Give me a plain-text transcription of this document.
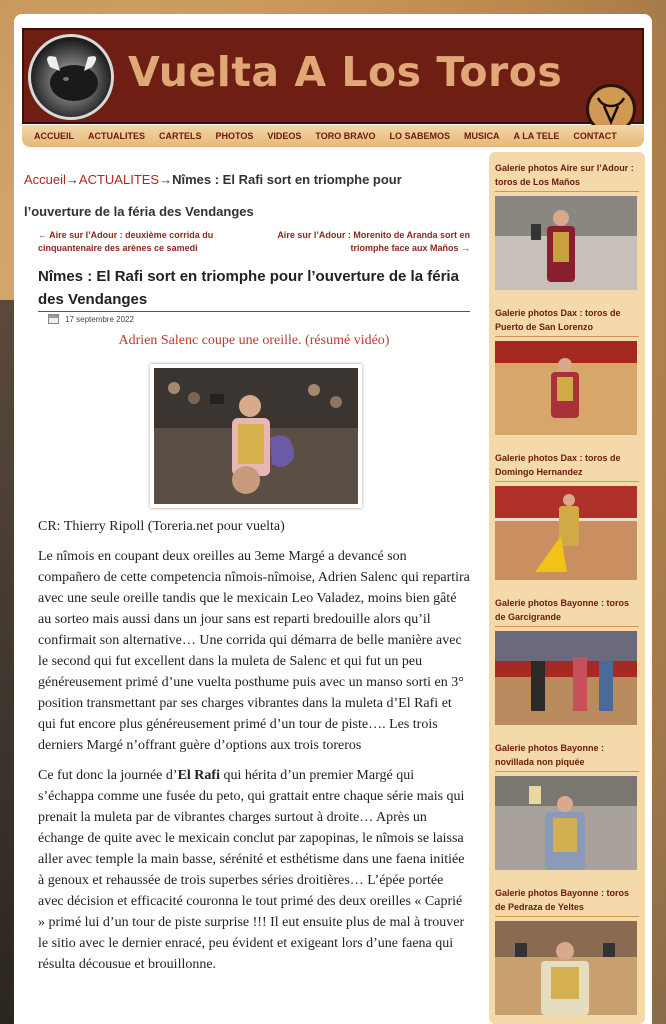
Vuelta A Los Toros
ACCUEIL ACTUALITES CARTELS PHOTOS VIDEOS TORO BRAVO LO SABEMOS MUSICA A LA TELE CONTACT
Accueil→ACTUALITES→Nîmes : El Rafi sort en triomphe pour l’ouverture de la féria des Vendanges
← Aire sur l’Adour : deuxième corrida du cinquantenaire des arènes ce samedi
Aire sur l’Adour : Morenito de Aranda sort en triomphe face aux Maños →
Nîmes : El Rafi sort en triomphe pour l’ouverture de la féria des Vendanges
17 septembre 2022
Adrien Salenc coupe une oreille. (résumé vidéo)

CR: Thierry Ripoll (Toreria.net pour vuelta)

Le nîmois en coupant deux oreilles au 3eme Margé a devancé son compañero de cette competencia nîmois-nîmoise, Adrien Salenc qui repartira avec une seule oreille tandis que le mexicain Leo Valadez, moins bien gâté au sorteo mais aussi dans un jour sans est reparti bredouille alors qu’il confirmait son alternative… Une corrida qui démarra de belle manière avec le second qui fut excellent dans la muleta de Salenc et qui fut un peu généreusement primé d’une vuelta posthume puis avec un manso sorti en 3° position transmettant par ses charges vibrantes dans la muleta d’El Rafi et qui fut encore plus généreusement primé d’un tour de piste…. Les trois derniers Margé n’offrant guère d’options aux trois toreros

Ce fut donc la journée d’El Rafi qui hérita d’un premier Margé qui s’échappa comme une fusée du peto, qui grattait entre chaque série mais qui prenait la muleta par de vibrantes charges surtout à droite… Après un échange de quite avec le mexicain conclut par zapopinas, le nîmois se laissa aller avec temple la main basse, sérénité et esthétisme dans une faena initiée à genoux et rehaussée de trois superbes séries droitières… L’épée portée avec décision et efficacité couronna le tout primé des deux oreilles « Caprié » primé lui d’un tour de piste surprise !!! Il eut ensuite plus de mal à trouver le sitio avec le dernier enracé, peu évident et exigeant lors d’une faena qui résulta décousue et brouillonne.

Galerie photos Aire sur l’Adour : toros de Los Maños
Galerie photos Dax : toros de Puerto de San Lorenzo
Galerie photos Dax : toros de Domingo Hernandez
Galerie photos Bayonne : toros de Garcigrande
Galerie photos Bayonne : novillada non piquée
Galerie photos Bayonne : toros de Pedraza de Yeltes
